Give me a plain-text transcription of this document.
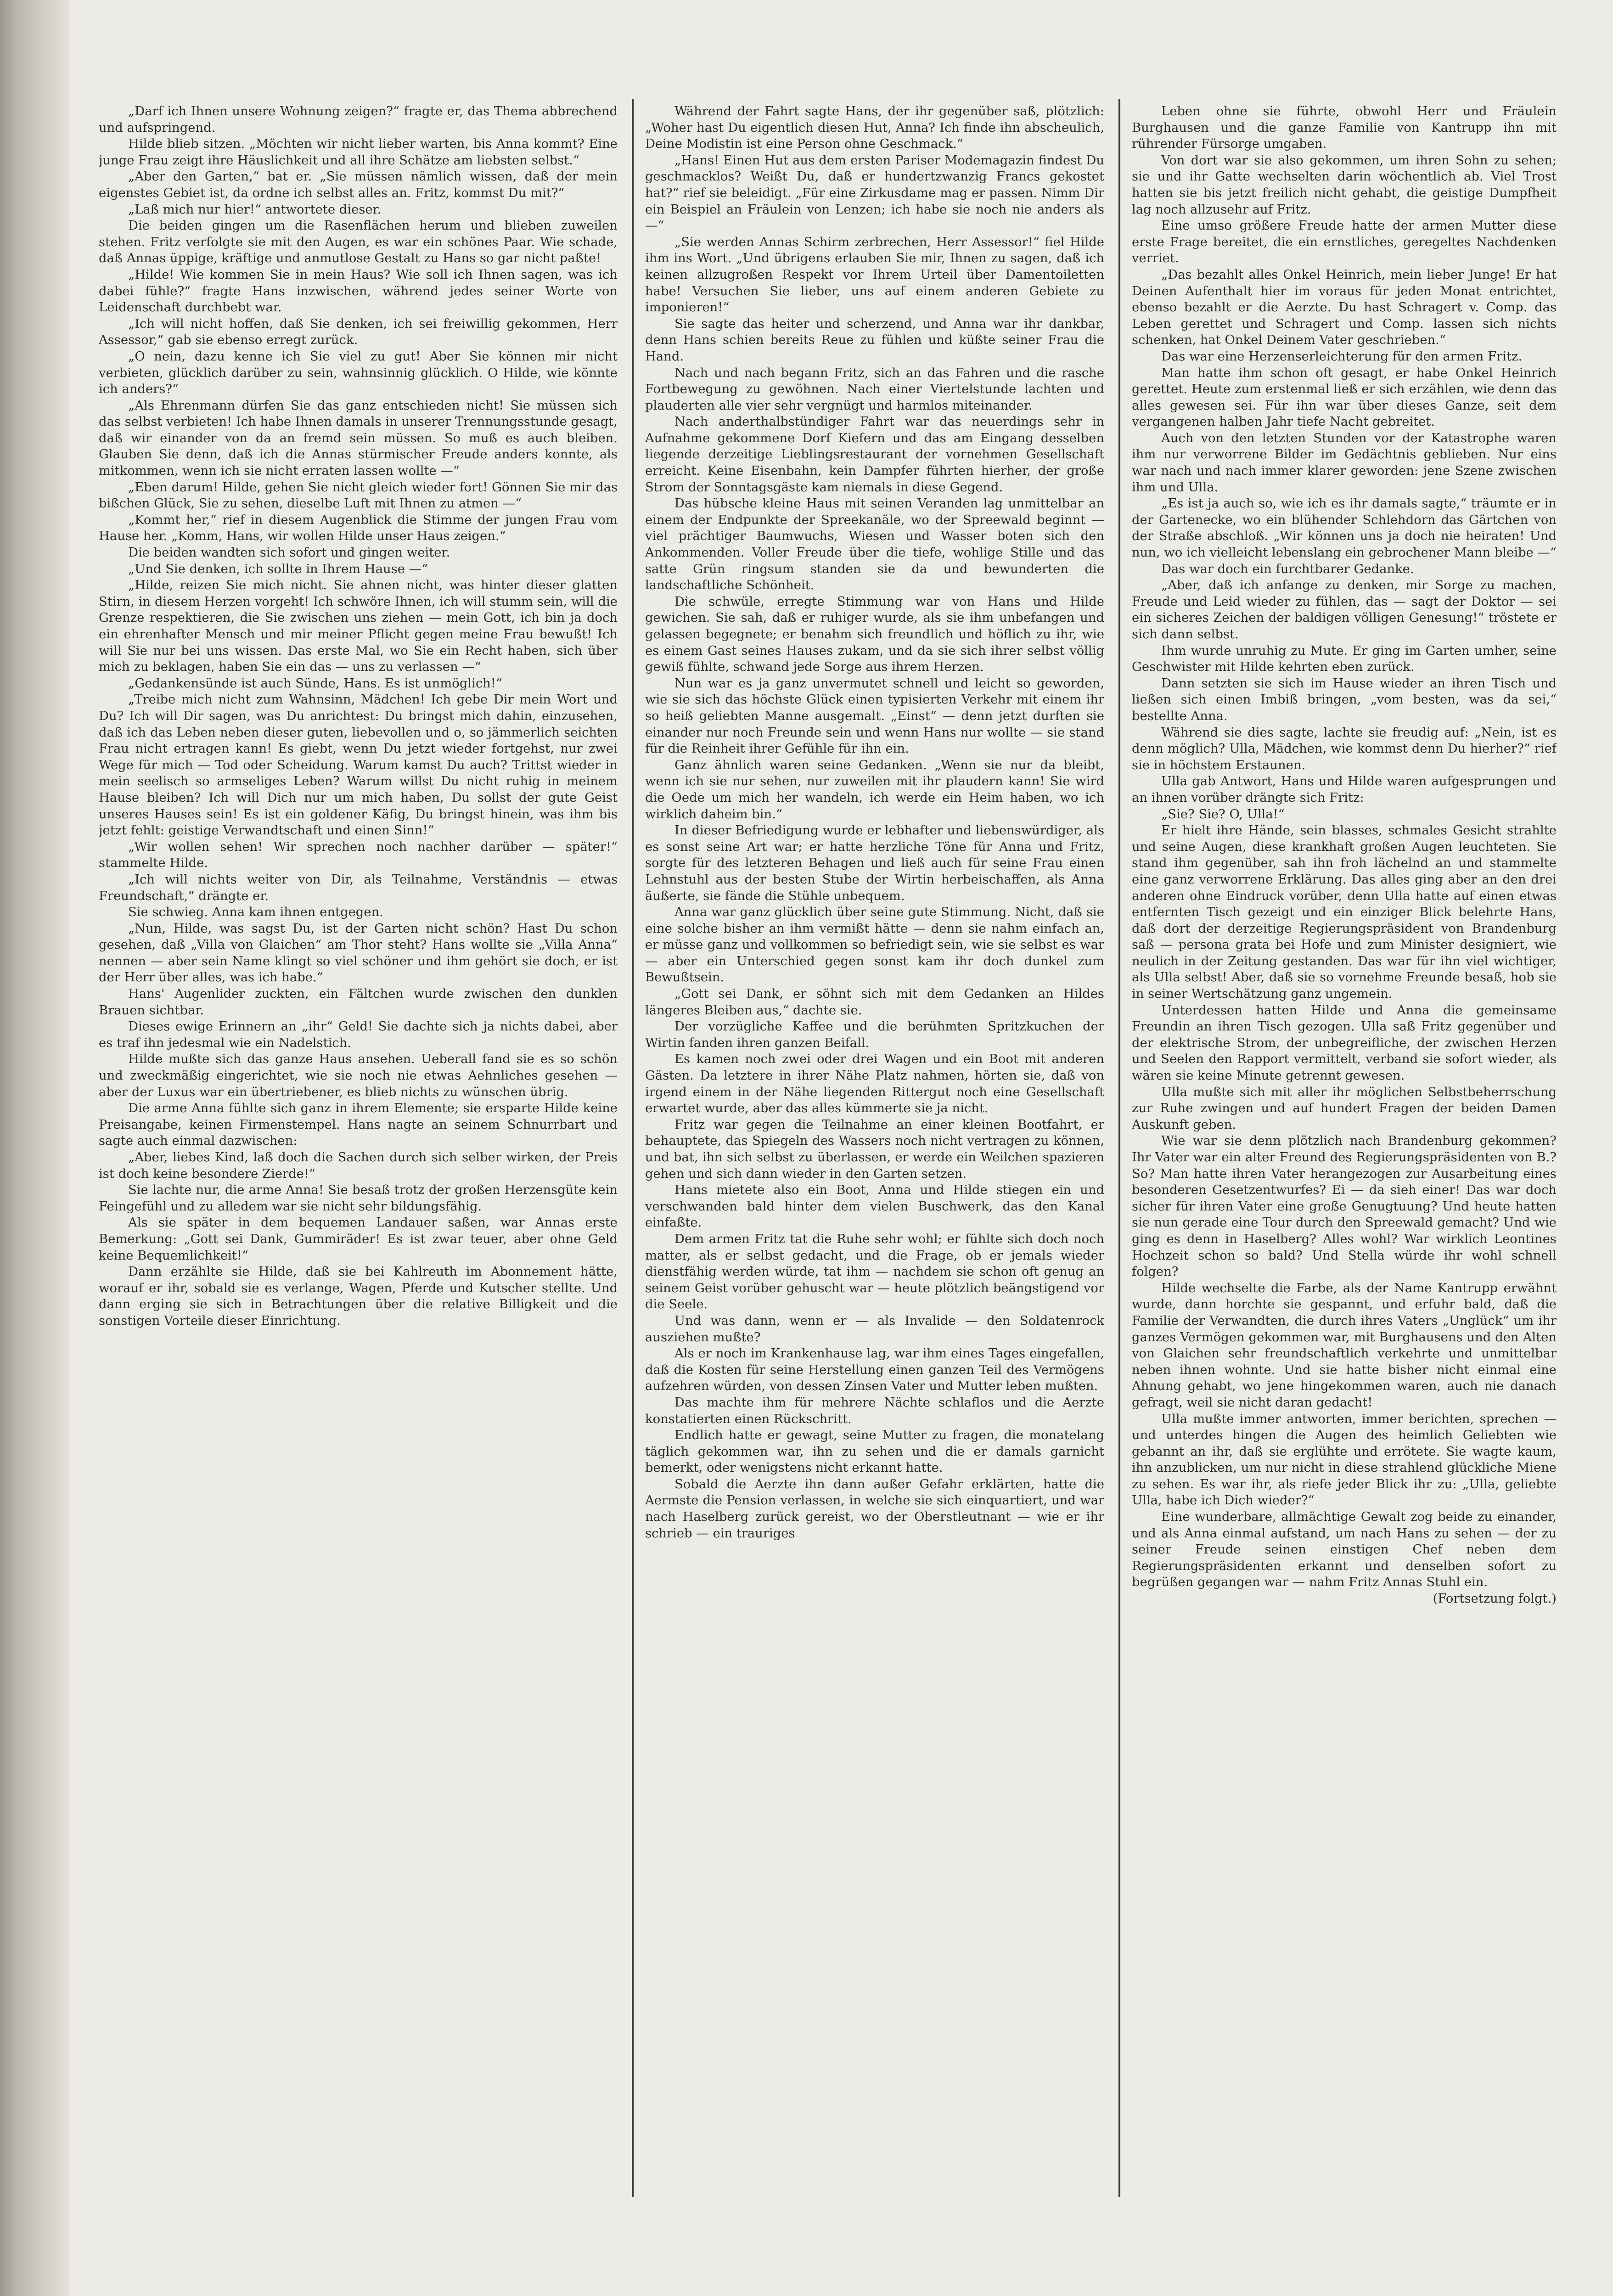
„Darf ich Ihnen unsere Wohnung zeigen?“ fragte er, das Thema abbrechend und aufspringend.

Hilde blieb sitzen. „Möchten wir nicht lieber warten, bis Anna kommt? Eine junge Frau zeigt ihre Häuslichkeit und all ihre Schätze am liebsten selbst.“

„Aber den Garten,“ bat er. „Sie müssen nämlich wissen, daß der mein eigenstes Gebiet ist, da ordne ich selbst alles an. Fritz, kommst Du mit?“

„Laß mich nur hier!“ antwortete dieser.

Die beiden gingen um die Rasenflächen herum und blieben zuweilen stehen. Fritz verfolgte sie mit den Augen, es war ein schönes Paar. Wie schade, daß Annas üppige, kräftige und anmutlose Gestalt zu Hans so gar nicht paßte!

„Hilde! Wie kommen Sie in mein Haus? Wie soll ich Ihnen sagen, was ich dabei fühle?“ fragte Hans inzwischen, während jedes seiner Worte von Leidenschaft durchbebt war.

„Ich will nicht hoffen, daß Sie denken, ich sei freiwillig gekommen, Herr Assessor,“ gab sie ebenso erregt zurück.

„O nein, dazu kenne ich Sie viel zu gut! Aber Sie können mir nicht verbieten, glücklich darüber zu sein, wahnsinnig glücklich. O Hilde, wie könnte ich anders?“

„Als Ehrenmann dürfen Sie das ganz entschieden nicht! Sie müssen sich das selbst verbieten! Ich habe Ihnen damals in unserer Trennungsstunde gesagt, daß wir einander von da an fremd sein müssen. So muß es auch bleiben. Glauben Sie denn, daß ich die Annas stürmischer Freude anders konnte, als mitkommen, wenn ich sie nicht erraten lassen wollte —“

„Eben darum! Hilde, gehen Sie nicht gleich wieder fort! Gönnen Sie mir das bißchen Glück, Sie zu sehen, dieselbe Luft mit Ihnen zu atmen —“

„Kommt her,“ rief in diesem Augenblick die Stimme der jungen Frau vom Hause her. „Komm, Hans, wir wollen Hilde unser Haus zeigen.“

Die beiden wandten sich sofort und gingen weiter.

„Und Sie denken, ich sollte in Ihrem Hause —“

„Hilde, reizen Sie mich nicht. Sie ahnen nicht, was hinter dieser glatten Stirn, in diesem Herzen vorgeht! Ich schwöre Ihnen, ich will stumm sein, will die Grenze respektieren, die Sie zwischen uns ziehen — mein Gott, ich bin ja doch ein ehrenhafter Mensch und mir meiner Pflicht gegen meine Frau bewußt! Ich will Sie nur bei uns wissen. Das erste Mal, wo Sie ein Recht haben, sich über mich zu beklagen, haben Sie ein das — uns zu verlassen —“

„Gedankensünde ist auch Sünde, Hans. Es ist unmöglich!“

„Treibe mich nicht zum Wahnsinn, Mädchen! Ich gebe Dir mein Wort und Du? Ich will Dir sagen, was Du anrichtest: Du bringst mich dahin, einzusehen, daß ich das Leben neben dieser guten, liebevollen und o, so jämmerlich seichten Frau nicht ertragen kann! Es giebt, wenn Du jetzt wieder fortgehst, nur zwei Wege für mich — Tod oder Scheidung. Warum kamst Du auch? Trittst wieder in mein seelisch so armseliges Leben? Warum willst Du nicht ruhig in meinem Hause bleiben? Ich will Dich nur um mich haben, Du sollst der gute Geist unseres Hauses sein! Es ist ein goldener Käfig, Du bringst hinein, was ihm bis jetzt fehlt: geistige Verwandtschaft und einen Sinn!“

„Wir wollen sehen! Wir sprechen noch nachher darüber — später!“ stammelte Hilde.

„Ich will nichts weiter von Dir, als Teilnahme, Verständnis — etwas Freundschaft,“ drängte er.

Sie schwieg. Anna kam ihnen entgegen.

„Nun, Hilde, was sagst Du, ist der Garten nicht schön? Hast Du schon gesehen, daß „Villa von Glaichen“ am Thor steht? Hans wollte sie „Villa Anna“ nennen — aber sein Name klingt so viel schöner und ihm gehört sie doch, er ist der Herr über alles, was ich habe.“

Hans' Augenlider zuckten, ein Fältchen wurde zwischen den dunklen Brauen sichtbar.

Dieses ewige Erinnern an „ihr“ Geld! Sie dachte sich ja nichts dabei, aber es traf ihn jedesmal wie ein Nadelstich.

Hilde mußte sich das ganze Haus ansehen. Ueberall fand sie es so schön und zweckmäßig eingerichtet, wie sie noch nie etwas Aehnliches gesehen — aber der Luxus war ein übertriebener, es blieb nichts zu wünschen übrig.

Die arme Anna fühlte sich ganz in ihrem Elemente; sie ersparte Hilde keine Preisangabe, keinen Firmenstempel. Hans nagte an seinem Schnurrbart und sagte auch einmal dazwischen:

„Aber, liebes Kind, laß doch die Sachen durch sich selber wirken, der Preis ist doch keine besondere Zierde!“

Sie lachte nur, die arme Anna! Sie besaß trotz der großen Herzensgüte kein Feingefühl und zu alledem war sie nicht sehr bildungsfähig.

Als sie später in dem bequemen Landauer saßen, war Annas erste Bemerkung: „Gott sei Dank, Gummiräder! Es ist zwar teuer, aber ohne Geld keine Bequemlichkeit!“

Dann erzählte sie Hilde, daß sie bei Kahlreuth im Abonnement hätte, worauf er ihr, sobald sie es verlange, Wagen, Pferde und Kutscher stellte. Und dann erging sie sich in Betrachtungen über die relative Billigkeit und die sonstigen Vorteile dieser Einrichtung.

Während der Fahrt sagte Hans, der ihr gegenüber saß, plötzlich: „Woher hast Du eigentlich diesen Hut, Anna? Ich finde ihn abscheulich, Deine Modistin ist eine Person ohne Geschmack.“

„Hans! Einen Hut aus dem ersten Pariser Modemagazin findest Du geschmacklos? Weißt Du, daß er hundertzwanzig Francs gekostet hat?“ rief sie beleidigt. „Für eine Zirkusdame mag er passen. Nimm Dir ein Beispiel an Fräulein von Lenzen; ich habe sie noch nie anders als —“

„Sie werden Annas Schirm zerbrechen, Herr Assessor!“ fiel Hilde ihm ins Wort. „Und übrigens erlauben Sie mir, Ihnen zu sagen, daß ich keinen allzugroßen Respekt vor Ihrem Urteil über Damentoiletten habe! Versuchen Sie lieber, uns auf einem anderen Gebiete zu imponieren!“

Sie sagte das heiter und scherzend, und Anna war ihr dankbar, denn Hans schien bereits Reue zu fühlen und küßte seiner Frau die Hand.

Nach und nach begann Fritz, sich an das Fahren und die rasche Fortbewegung zu gewöhnen. Nach einer Viertelstunde lachten und plauderten alle vier sehr vergnügt und harmlos miteinander.

Nach anderthalbstündiger Fahrt war das neuerdings sehr in Aufnahme gekommene Dorf Kiefern und das am Eingang desselben liegende derzeitige Lieblingsrestaurant der vornehmen Gesellschaft erreicht. Keine Eisenbahn, kein Dampfer führten hierher, der große Strom der Sonntagsgäste kam niemals in diese Gegend.

Das hübsche kleine Haus mit seinen Veranden lag unmittelbar an einem der Endpunkte der Spreekanäle, wo der Spreewald beginnt — viel prächtiger Baumwuchs, Wiesen und Wasser boten sich den Ankommenden. Voller Freude über die tiefe, wohlige Stille und das satte Grün ringsum standen sie da und bewunderten die landschaftliche Schönheit.

Die schwüle, erregte Stimmung war von Hans und Hilde gewichen. Sie sah, daß er ruhiger wurde, als sie ihm unbefangen und gelassen begegnete; er benahm sich freundlich und höflich zu ihr, wie es einem Gast seines Hauses zukam, und da sie sich ihrer selbst völlig gewiß fühlte, schwand jede Sorge aus ihrem Herzen.

Nun war es ja ganz unvermutet schnell und leicht so geworden, wie sie sich das höchste Glück einen typisierten Verkehr mit einem ihr so heiß geliebten Manne ausgemalt. „Einst“ — denn jetzt durften sie einander nur noch Freunde sein und wenn Hans nur wollte — sie stand für die Reinheit ihrer Gefühle für ihn ein.

Ganz ähnlich waren seine Gedanken. „Wenn sie nur da bleibt, wenn ich sie nur sehen, nur zuweilen mit ihr plaudern kann! Sie wird die Oede um mich her wandeln, ich werde ein Heim haben, wo ich wirklich daheim bin.“

In dieser Befriedigung wurde er lebhafter und liebenswürdiger, als es sonst seine Art war; er hatte herzliche Töne für Anna und Fritz, sorgte für des letzteren Behagen und ließ auch für seine Frau einen Lehnstuhl aus der besten Stube der Wirtin herbeischaffen, als Anna äußerte, sie fände die Stühle unbequem.

Anna war ganz glücklich über seine gute Stimmung. Nicht, daß sie eine solche bisher an ihm vermißt hätte — denn sie nahm einfach an, er müsse ganz und vollkommen so befriedigt sein, wie sie selbst es war — aber ein Unterschied gegen sonst kam ihr doch dunkel zum Bewußtsein.

„Gott sei Dank, er söhnt sich mit dem Gedanken an Hildes längeres Bleiben aus,“ dachte sie.

Der vorzügliche Kaffee und die berühmten Spritzkuchen der Wirtin fanden ihren ganzen Beifall.

Es kamen noch zwei oder drei Wagen und ein Boot mit anderen Gästen. Da letztere in ihrer Nähe Platz nahmen, hörten sie, daß von irgend einem in der Nähe liegenden Rittergut noch eine Gesellschaft erwartet wurde, aber das alles kümmerte sie ja nicht.

Fritz war gegen die Teilnahme an einer kleinen Bootfahrt, er behauptete, das Spiegeln des Wassers noch nicht vertragen zu können, und bat, ihn sich selbst zu überlassen, er werde ein Weilchen spazieren gehen und sich dann wieder in den Garten setzen.

Hans mietete also ein Boot, Anna und Hilde stiegen ein und verschwanden bald hinter dem vielen Buschwerk, das den Kanal einfaßte.

Dem armen Fritz tat die Ruhe sehr wohl; er fühlte sich doch noch matter, als er selbst gedacht, und die Frage, ob er jemals wieder dienstfähig werden würde, tat ihm — nachdem sie schon oft genug an seinem Geist vorüber gehuscht war — heute plötzlich beängstigend vor die Seele.

Und was dann, wenn er — als Invalide — den Soldatenrock ausziehen mußte?

Als er noch im Krankenhause lag, war ihm eines Tages eingefallen, daß die Kosten für seine Herstellung einen ganzen Teil des Vermögens aufzehren würden, von dessen Zinsen Vater und Mutter leben mußten.

Das machte ihm für mehrere Nächte schlaflos und die Aerzte konstatierten einen Rückschritt.

Endlich hatte er gewagt, seine Mutter zu fragen, die monatelang täglich gekommen war, ihn zu sehen und die er damals garnicht bemerkt, oder wenigstens nicht erkannt hatte.

Sobald die Aerzte ihn dann außer Gefahr erklärten, hatte die Aermste die Pension verlassen, in welche sie sich einquartiert, und war nach Haselberg zurück gereist, wo der Oberstleutnant — wie er ihr schrieb — ein trauriges

Leben ohne sie führte, obwohl Herr und Fräulein Burghausen und die ganze Familie von Kantrupp ihn mit rührender Fürsorge umgaben.

Von dort war sie also gekommen, um ihren Sohn zu sehen; sie und ihr Gatte wechselten darin wöchentlich ab. Viel Trost hatten sie bis jetzt freilich nicht gehabt, die geistige Dumpfheit lag noch allzusehr auf Fritz.

Eine umso größere Freude hatte der armen Mutter diese erste Frage bereitet, die ein ernstliches, geregeltes Nachdenken verriet.

„Das bezahlt alles Onkel Heinrich, mein lieber Junge! Er hat Deinen Aufenthalt hier im voraus für jeden Monat entrichtet, ebenso bezahlt er die Aerzte. Du hast Schragert v. Comp. das Leben gerettet und Schragert und Comp. lassen sich nichts schenken, hat Onkel Deinem Vater geschrieben.“

Das war eine Herzenserleichterung für den armen Fritz.

Man hatte ihm schon oft gesagt, er habe Onkel Heinrich gerettet. Heute zum erstenmal ließ er sich erzählen, wie denn das alles gewesen sei. Für ihn war über dieses Ganze, seit dem vergangenen halben Jahr tiefe Nacht gebreitet.

Auch von den letzten Stunden vor der Katastrophe waren ihm nur verworrene Bilder im Gedächtnis geblieben. Nur eins war nach und nach immer klarer geworden: jene Szene zwischen ihm und Ulla.

„Es ist ja auch so, wie ich es ihr damals sagte,“ träumte er in der Gartenecke, wo ein blühender Schlehdorn das Gärtchen von der Straße abschloß. „Wir können uns ja doch nie heiraten! Und nun, wo ich vielleicht lebenslang ein gebrochener Mann bleibe —“

Das war doch ein furchtbarer Gedanke.

„Aber, daß ich anfange zu denken, mir Sorge zu machen, Freude und Leid wieder zu fühlen, das — sagt der Doktor — sei ein sicheres Zeichen der baldigen völligen Genesung!“ tröstete er sich dann selbst.

Ihm wurde unruhig zu Mute. Er ging im Garten umher, seine Geschwister mit Hilde kehrten eben zurück.

Dann setzten sie sich im Hause wieder an ihren Tisch und ließen sich einen Imbiß bringen, „vom besten, was da sei,“ bestellte Anna.

Während sie dies sagte, lachte sie freudig auf: „Nein, ist es denn möglich? Ulla, Mädchen, wie kommst denn Du hierher?“ rief sie in höchstem Erstaunen.

Ulla gab Antwort, Hans und Hilde waren aufgesprungen und an ihnen vorüber drängte sich Fritz:

„Sie? Sie? O, Ulla!“

Er hielt ihre Hände, sein blasses, schmales Gesicht strahlte und seine Augen, diese krankhaft großen Augen leuchteten. Sie stand ihm gegenüber, sah ihn froh lächelnd an und stammelte eine ganz verworrene Erklärung. Das alles ging aber an den drei anderen ohne Eindruck vorüber, denn Ulla hatte auf einen etwas entfernten Tisch gezeigt und ein einziger Blick belehrte Hans, daß dort der derzeitige Regierungspräsident von Brandenburg saß — persona grata bei Hofe und zum Minister designiert, wie neulich in der Zeitung gestanden. Das war für ihn viel wichtiger, als Ulla selbst! Aber, daß sie so vornehme Freunde besaß, hob sie in seiner Wertschätzung ganz ungemein.

Unterdessen hatten Hilde und Anna die gemeinsame Freundin an ihren Tisch gezogen. Ulla saß Fritz gegenüber und der elektrische Strom, der unbegreifliche, der zwischen Herzen und Seelen den Rapport vermittelt, verband sie sofort wieder, als wären sie keine Minute getrennt gewesen.

Ulla mußte sich mit aller ihr möglichen Selbstbeherrschung zur Ruhe zwingen und auf hundert Fragen der beiden Damen Auskunft geben.

Wie war sie denn plötzlich nach Brandenburg gekommen? Ihr Vater war ein alter Freund des Regierungspräsidenten von B.? So? Man hatte ihren Vater herangezogen zur Ausarbeitung eines besonderen Gesetzentwurfes? Ei — da sieh einer! Das war doch sicher für ihren Vater eine große Genugtuung? Und heute hatten sie nun gerade eine Tour durch den Spreewald gemacht? Und wie ging es denn in Haselberg? Alles wohl? War wirklich Leontines Hochzeit schon so bald? Und Stella würde ihr wohl schnell folgen?

Hilde wechselte die Farbe, als der Name Kantrupp erwähnt wurde, dann horchte sie gespannt, und erfuhr bald, daß die Familie der Verwandten, die durch ihres Vaters „Unglück“ um ihr ganzes Vermögen gekommen war, mit Burghausens und den Alten von Glaichen sehr freundschaftlich verkehrte und unmittelbar neben ihnen wohnte. Und sie hatte bisher nicht einmal eine Ahnung gehabt, wo jene hingekommen waren, auch nie danach gefragt, weil sie nicht daran gedacht!

Ulla mußte immer antworten, immer berichten, sprechen — und unterdes hingen die Augen des heimlich Geliebten wie gebannt an ihr, daß sie erglühte und errötete. Sie wagte kaum, ihn anzublicken, um nur nicht in diese strahlend glückliche Miene zu sehen. Es war ihr, als riefe jeder Blick ihr zu: „Ulla, geliebte Ulla, habe ich Dich wieder?“

Eine wunderbare, allmächtige Gewalt zog beide zu einander, und als Anna einmal aufstand, um nach Hans zu sehen — der zu seiner Freude seinen einstigen Chef neben dem Regierungspräsidenten erkannt und denselben sofort zu begrüßen gegangen war — nahm Fritz Annas Stuhl ein.

(Fortsetzung folgt.)
